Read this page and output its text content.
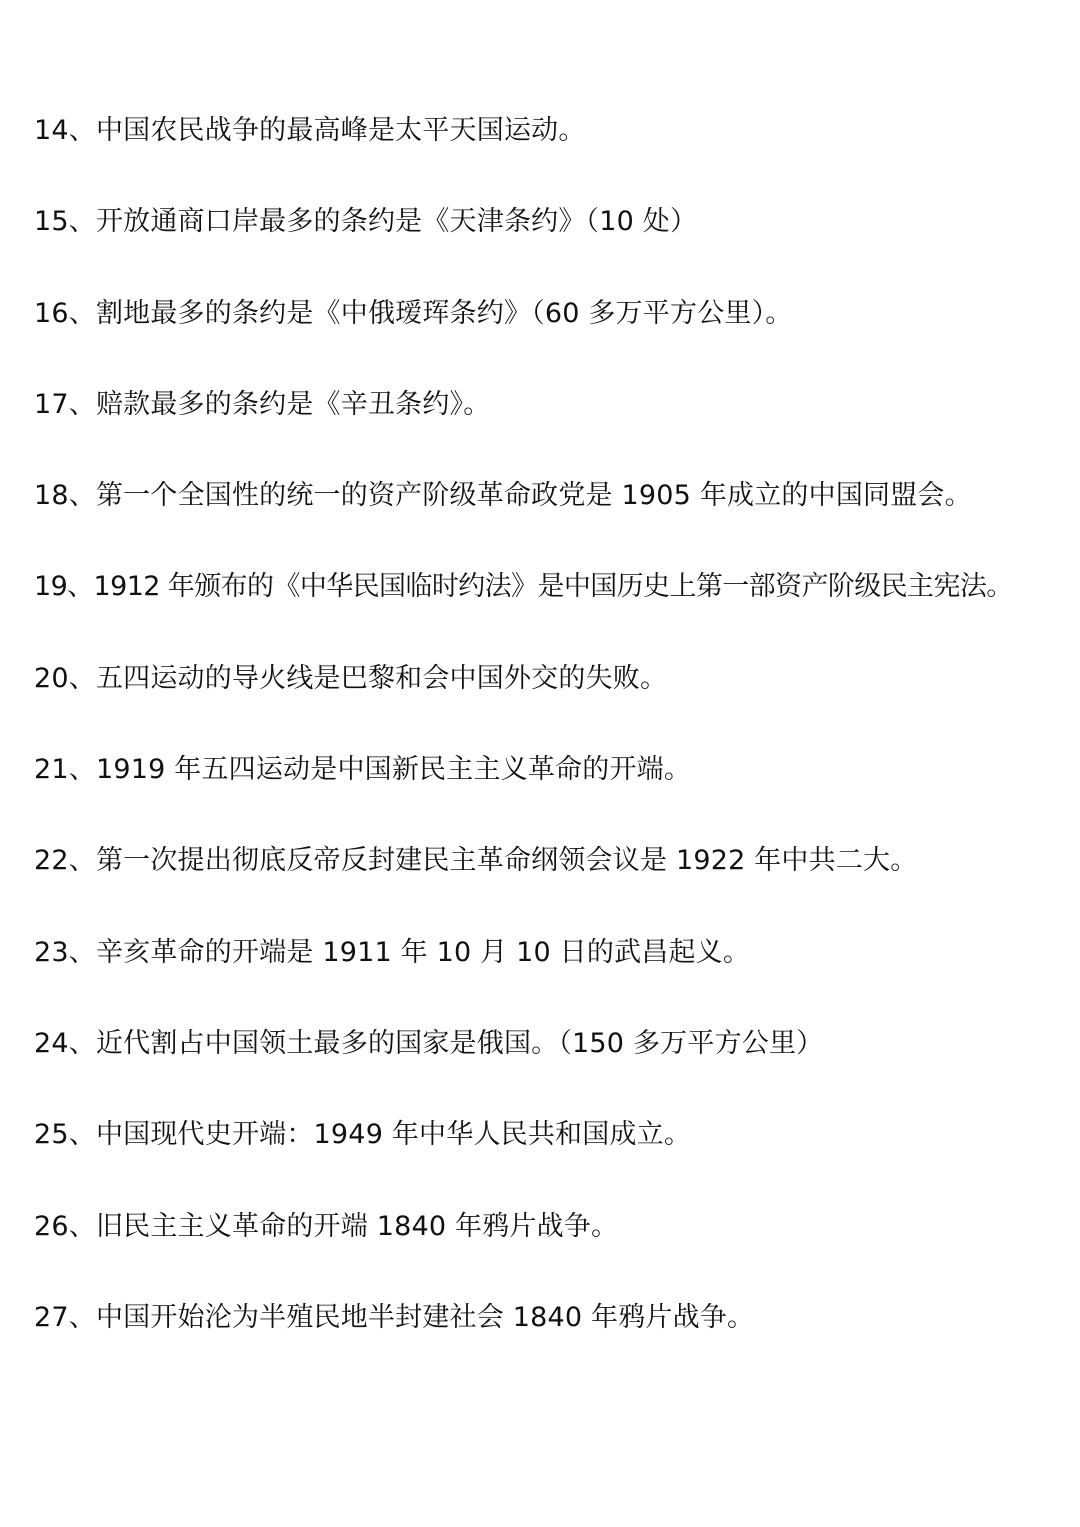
14、中国农民战争的最高峰是太平天国运动。
15、开放通商口岸最多的条约是《天津条约》（10 处）
16、割地最多的条约是《中俄瑷珲条约》（60 多万平方公里）。
17、赔款最多的条约是《辛丑条约》。
18、第一个全国性的统一的资产阶级革命政党是 1905 年成立的中国同盟会。
19、1912 年颁布的《中华民国临时约法》是中国历史上第一部资产阶级民主宪法。
20、五四运动的导火线是巴黎和会中国外交的失败。
21、1919 年五四运动是中国新民主主义革命的开端。
22、第一次提出彻底反帝反封建民主革命纲领会议是 1922 年中共二大。
23、辛亥革命的开端是 1911 年 10 月 10 日的武昌起义。
24、近代割占中国领土最多的国家是俄国。（150 多万平方公里）
25、中国现代史开端：1949 年中华人民共和国成立。
26、旧民主主义革命的开端 1840 年鸦片战争。
27、中国开始沦为半殖民地半封建社会 1840 年鸦片战争。
